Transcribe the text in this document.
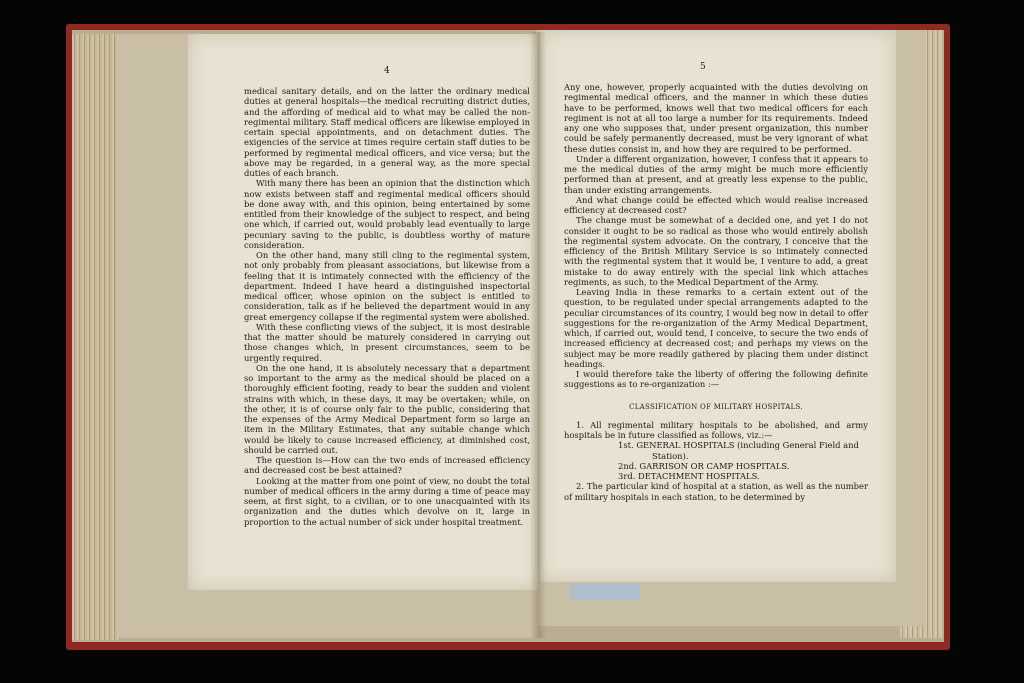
4

medical sanitary details, and on the latter the ordinary medical duties at general hospitals—the medical recruiting district duties, and the affording of medical aid to what may be called the non-regimental military. Staff medical officers are likewise employed in certain special appointments, and on detachment duties. The exigencies of the service at times require certain staff duties to be performed by regimental medical officers, and vice versa; but the above may be regarded, in a general way, as the more special duties of each branch.

With many there has been an opinion that the distinction which now exists between staff and regimental medical officers should be done away with, and this opinion, being entertained by some entitled from their knowledge of the subject to respect, and being one which, if carried out, would probably lead eventually to large pecuniary saving to the public, is doubtless worthy of mature consideration.

On the other hand, many still cling to the regimental system, not only probably from pleasant associations, but likewise from a feeling that it is intimately connected with the efficiency of the department. Indeed I have heard a distinguished inspectorial medical officer, whose opinion on the subject is entitled to consideration, talk as if he believed the department would in any great emergency collapse if the regimental system were abolished.

With these conflicting views of the subject, it is most desirable that the matter should be maturely considered in carrying out those changes which, in present circumstances, seem to be urgently required.

On the one hand, it is absolutely necessary that a department so important to the army as the medical should be placed on a thoroughly efficient footing, ready to bear the sudden and violent strains with which, in these days, it may be overtaken; while, on the other, it is of course only fair to the public, considering that the expenses of the Army Medical Department form so large an item in the Military Estimates, that any suitable change which would be likely to cause increased efficiency, at diminished cost, should be carried out.

The question is—How can the two ends of increased efficiency and decreased cost be best attained?

Looking at the matter from one point of view, no doubt the total number of medical officers in the army during a time of peace may seem, at first sight, to a civilian, or to one unacquainted with its organization and the duties which devolve on it, large in proportion to the actual number of sick under hospital treatment.

5

Any one, however, properly acquainted with the duties devolving on regimental medical officers, and the manner in which these duties have to be performed, knows well that two medical officers for each regiment is not at all too large a number for its requirements. Indeed any one who supposes that, under present organization, this number could be safely permanently decreased, must be very ignorant of what these duties consist in, and how they are required to be performed.

Under a different organization, however, I confess that it appears to me the medical duties of the army might be much more efficiently performed than at present, and at greatly less expense to the public, than under existing arrangements.

And what change could be effected which would realise increased efficiency at decreased cost?

The change must be somewhat of a decided one, and yet I do not consider it ought to be so radical as those who would entirely abolish the regimental system advocate. On the contrary, I conceive that the efficiency of the British Military Service is so intimately connected with the regimental system that it would be, I venture to add, a great mistake to do away entirely with the special link which attaches regiments, as such, to the Medical Department of the Army.

Leaving India in these remarks to a certain extent out of the question, to be regulated under special arrangements adapted to the peculiar circumstances of its country, I would beg now in detail to offer suggestions for the re-organization of the Army Medical Department, which, if carried out, would tend, I conceive, to secure the two ends of increased efficiency at decreased cost; and perhaps my views on the subject may be more readily gathered by placing them under distinct headings.

I would therefore take the liberty of offering the following definite suggestions as to re-organization :—

CLASSIFICATION OF MILITARY HOSPITALS.

1. All regimental military hospitals to be abolished, and army hospitals be in future classified as follows, viz.:—

1st. GENERAL HOSPITALS (including General Field and

Station).

2nd. GARRISON OR CAMP HOSPITALS.

3rd. DETACHMENT HOSPITALS.

2. The particular kind of hospital at a station, as well as the number of military hospitals in each station, to be determined by
